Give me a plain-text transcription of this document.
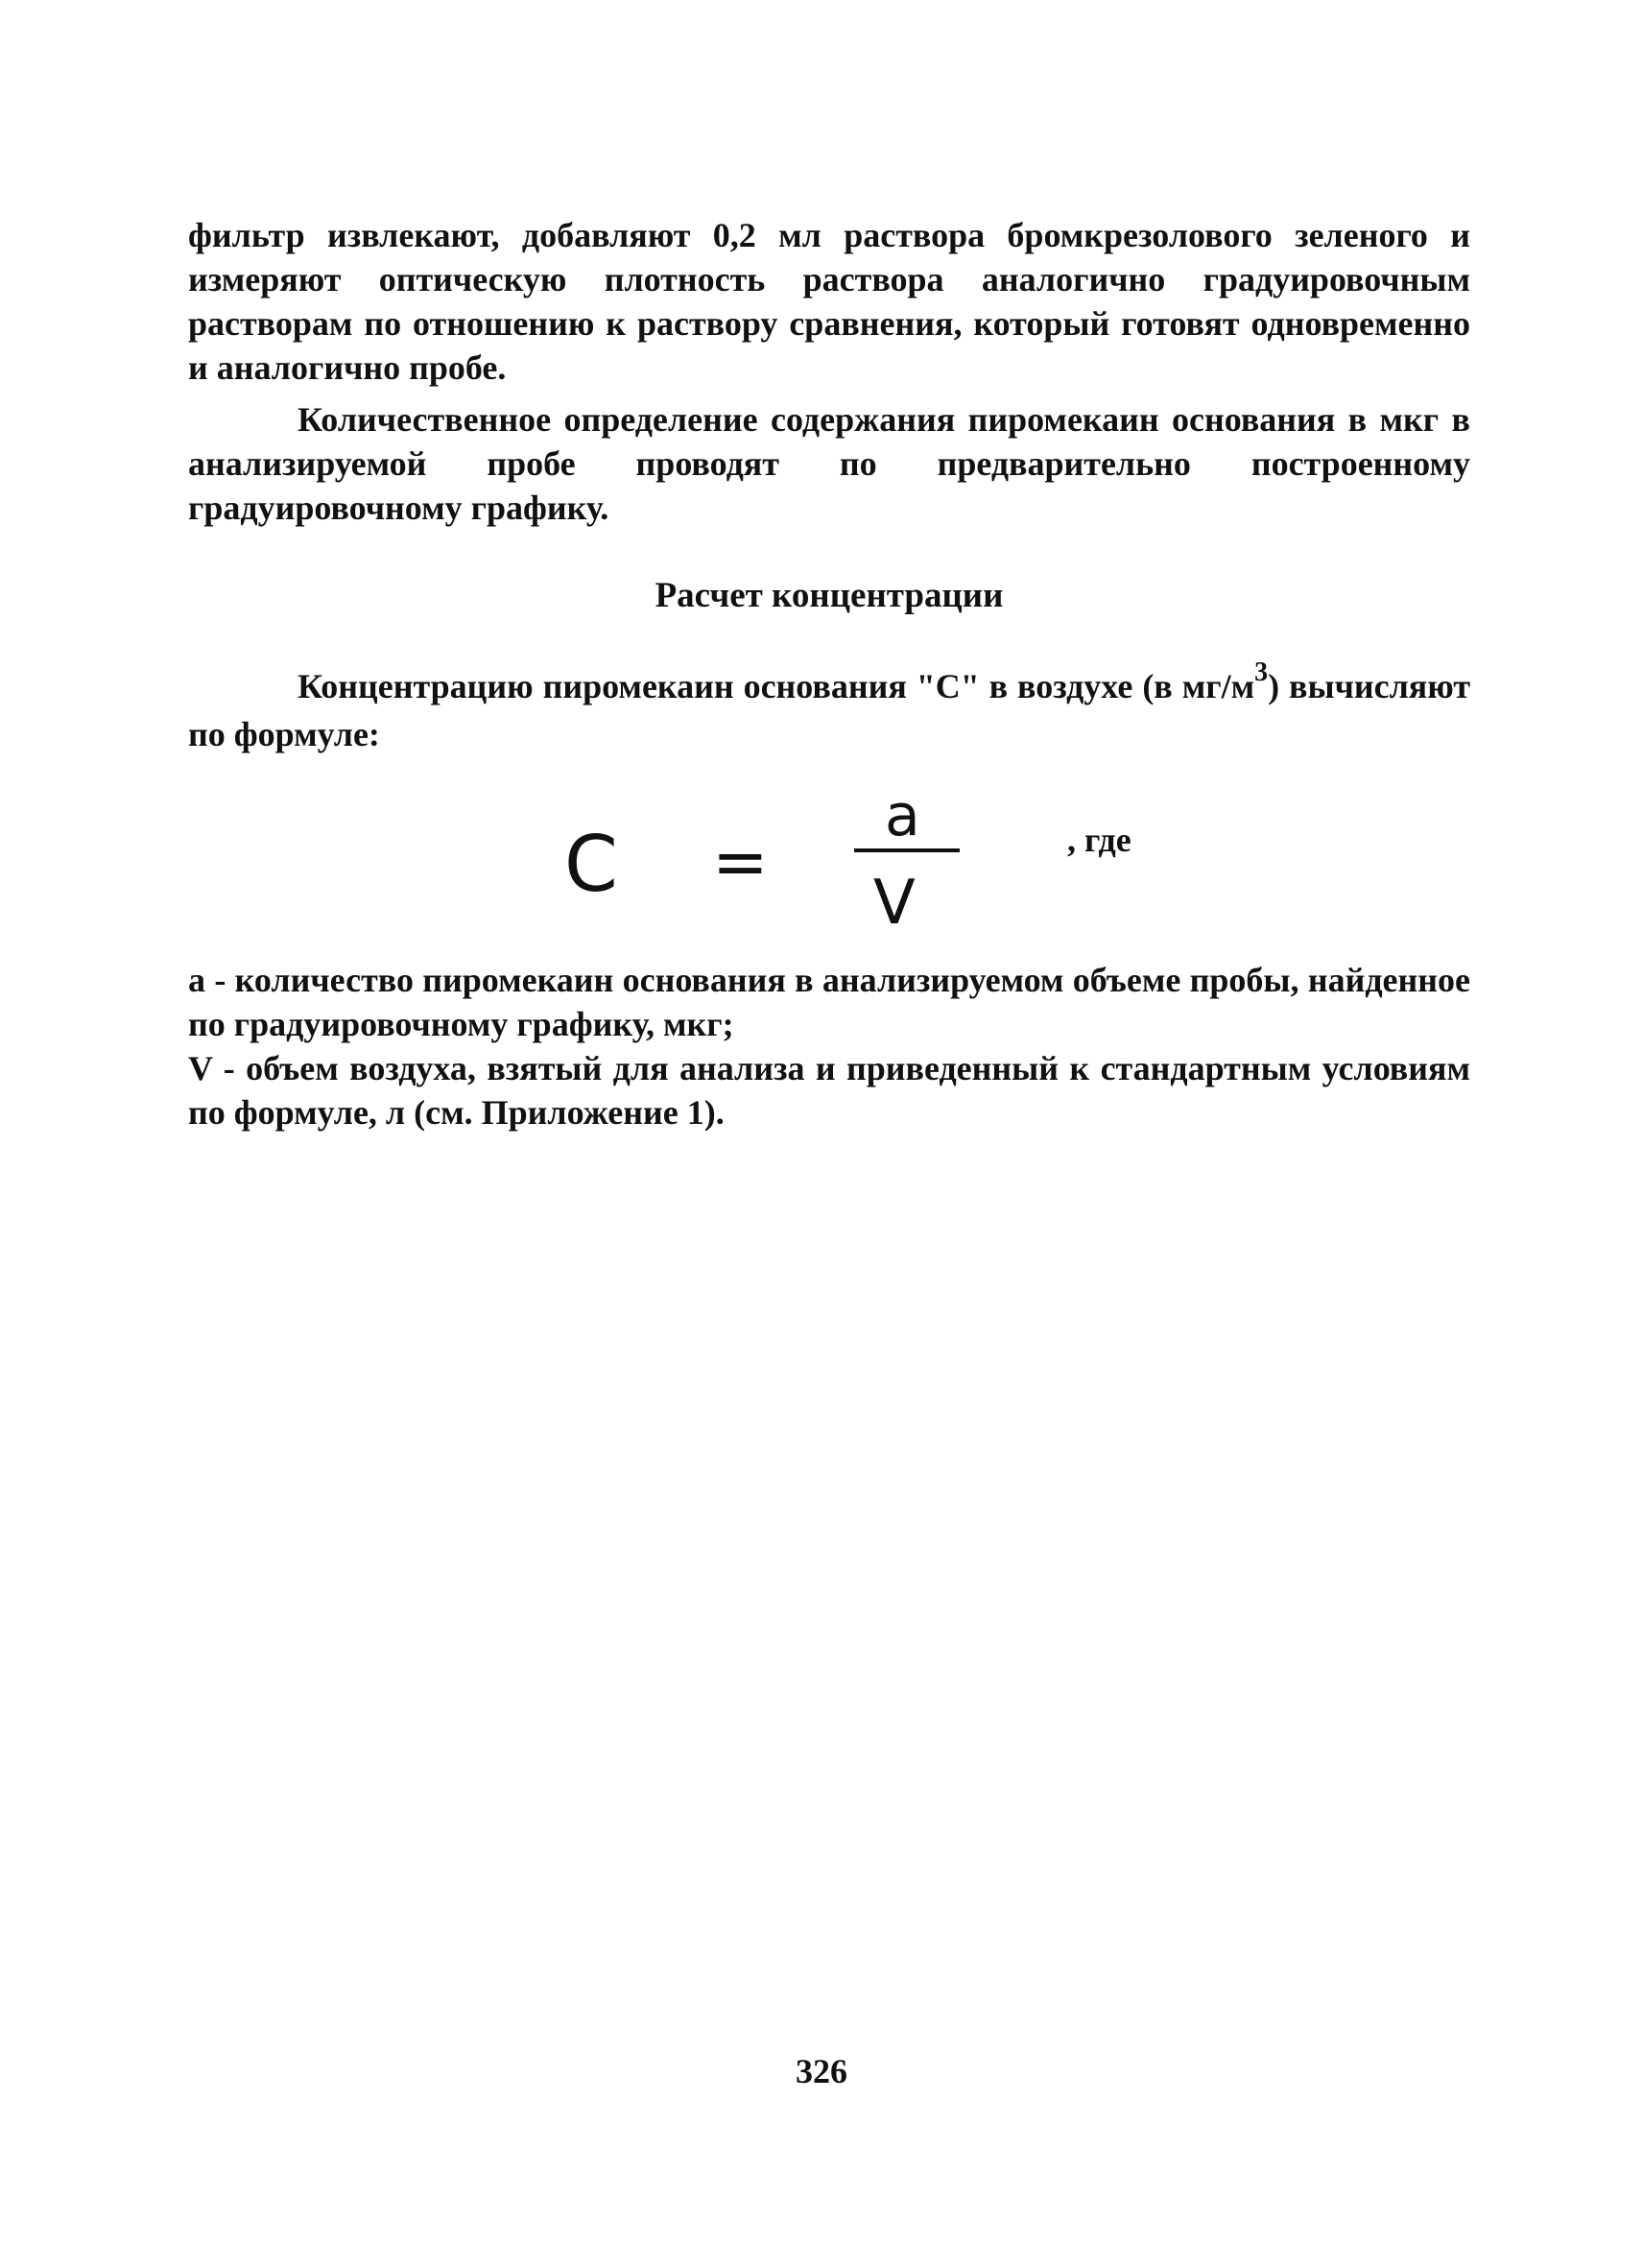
фильтр извлекают, добавляют 0,2 мл раствора бромкрезолового зеленого и измеряют оптическую плотность раствора аналогично градуировочным растворам по отношению к раствору сравнения, который готовят одновременно и аналогично пробе.
Количественное определение содержания пиромекаин основания в мкг в анализируемой пробе проводят по предварительно построенному градуировочному графику.
Расчет концентрации
Концентрацию пиромекаин основания "С" в воздухе (в $мг/м^3$) вычисляют по формуле:
C =
a
V
, где
а - количество пиромекаин основания в анализируемом объеме пробы, найденное по градуировочному графику, мкг;
V - объем воздуха, взятый для анализа и приведенный к стандартным условиям по формуле, л (см. Приложение 1).
326
